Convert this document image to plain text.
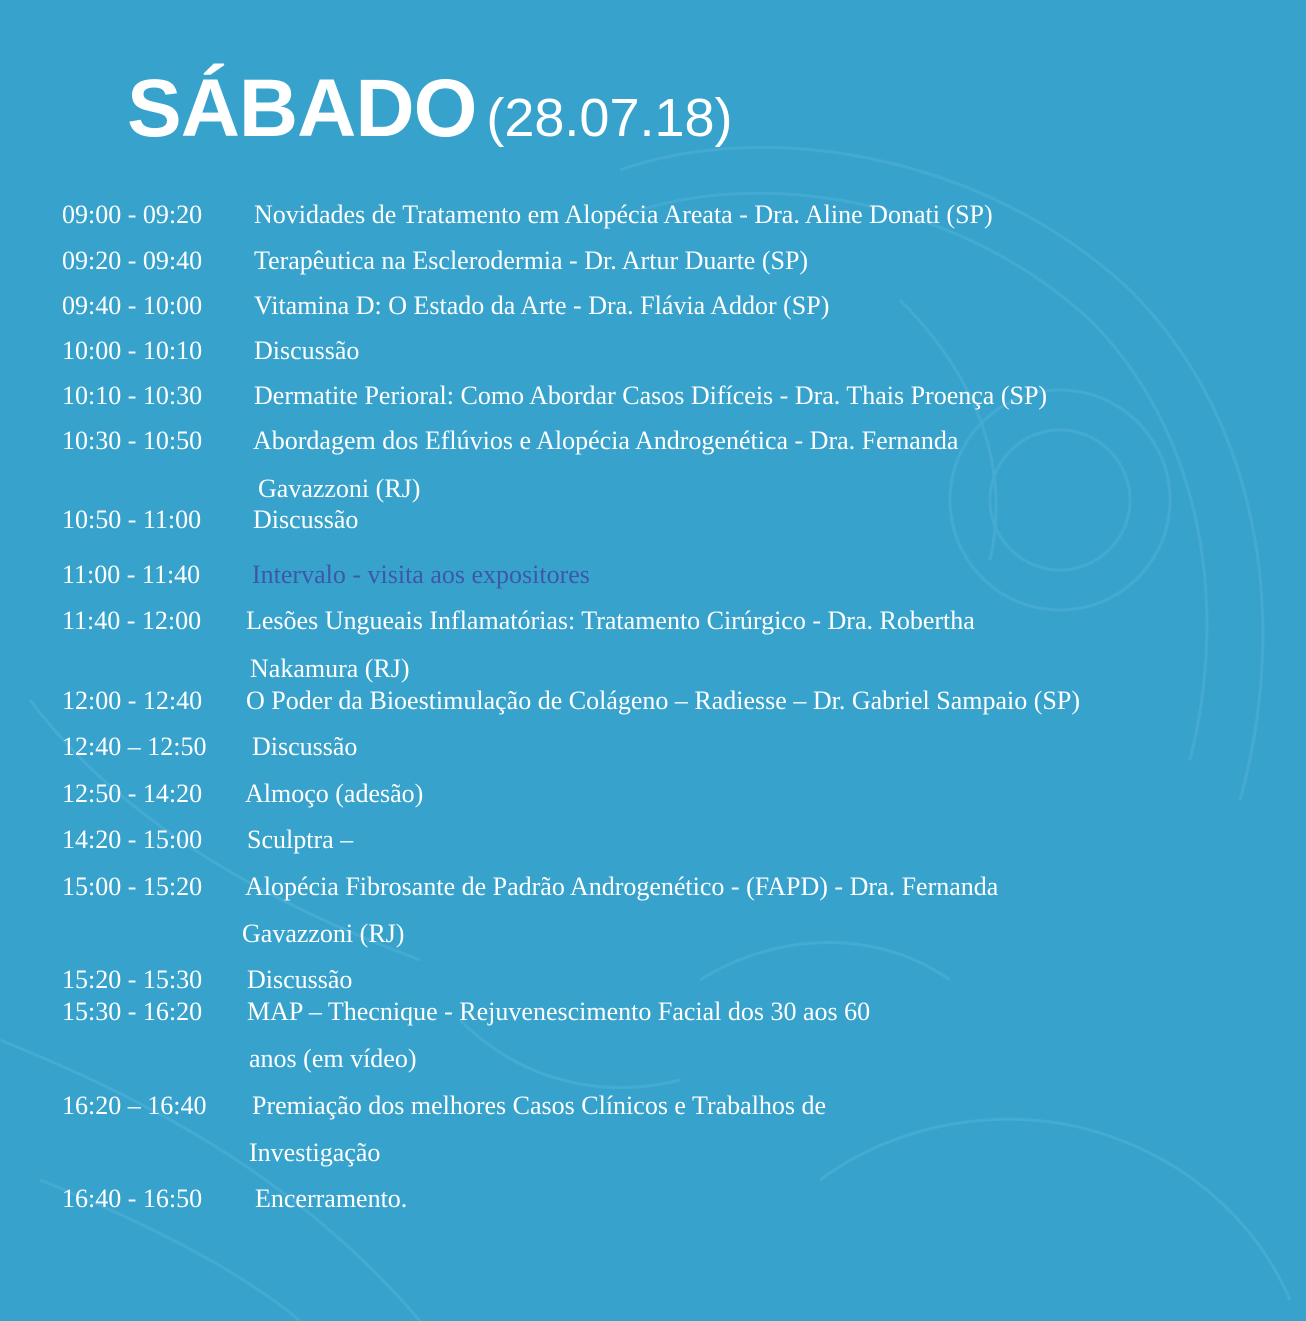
SÁBADO (28.07.18)
09:00 - 09:20 Novidades de Tratamento em Alopécia Areata - Dra. Aline Donati (SP)
09:20 - 09:40 Terapêutica na Esclerodermia - Dr. Artur Duarte (SP)
09:40 - 10:00 Vitamina D: O Estado da Arte - Dra. Flávia Addor (SP)
10:00 - 10:10 Discussão
10:10 - 10:30 Dermatite Perioral: Como Abordar Casos Difíceis - Dra. Thais Proença (SP)
10:30 - 10:50 Abordagem dos Eflúvios e Alopécia Androgenética - Dra. Fernanda
Gavazzoni (RJ)
10:50 - 11:00 Discussão
11:00 - 11:40 Intervalo - visita aos expositores
11:40 - 12:00 Lesões Ungueais Inflamatórias: Tratamento Cirúrgico - Dra. Robertha
Nakamura (RJ)
12:00 - 12:40 O Poder da Bioestimulação de Colágeno – Radiesse – Dr. Gabriel Sampaio (SP)
12:40 – 12:50 Discussão
12:50 - 14:20 Almoço (adesão)
14:20 - 15:00 Sculptra –
15:00 - 15:20 Alopécia Fibrosante de Padrão Androgenético - (FAPD) - Dra. Fernanda
Gavazzoni (RJ)
15:20 - 15:30 Discussão
15:30 - 16:20 MAP – Thecnique - Rejuvenescimento Facial dos 30 aos 60
anos (em vídeo)
16:20 – 16:40 Premiação dos melhores Casos Clínicos e Trabalhos de
Investigação
16:40 - 16:50 Encerramento.
